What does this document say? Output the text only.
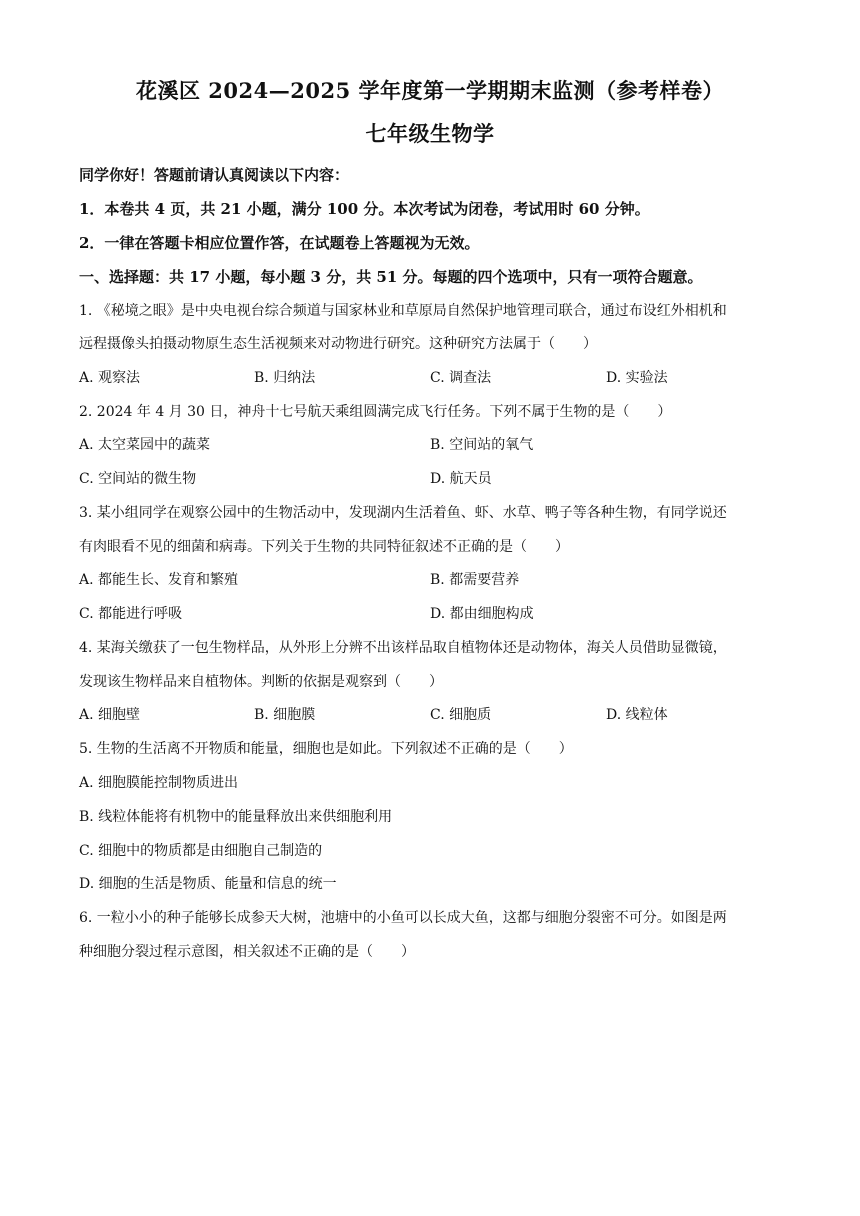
花溪区 2024—2025 学年度第一学期期末监测（参考样卷）
七年级生物学
同学你好！答题前请认真阅读以下内容：
1．本卷共 4 页，共 21 小题，满分 100 分。本次考试为闭卷，考试用时 60 分钟。
2．一律在答题卡相应位置作答，在试题卷上答题视为无效。
一、选择题：共 17 小题，每小题 3 分，共 51 分。每题的四个选项中，只有一项符合题意。
1. 《秘境之眼》是中央电视台综合频道与国家林业和草原局自然保护地管理司联合，通过布设红外相机和
远程摄像头拍摄动物原生态生活视频来对动物进行研究。这种研究方法属于（　　）
A. 观察法	B. 归纳法	C. 调查法	D. 实验法
2. 2024 年 4 月 30 日，神舟十七号航天乘组圆满完成飞行任务。下列不属于生物的是（　　）
A. 太空菜园中的蔬菜	B. 空间站的氧气
C. 空间站的微生物	D. 航天员
3. 某小组同学在观察公园中的生物活动中，发现湖内生活着鱼、虾、水草、鸭子等各种生物，有同学说还
有肉眼看不见的细菌和病毒。下列关于生物的共同特征叙述不正确的是（　　）
A. 都能生长、发育和繁殖	B. 都需要营养
C. 都能进行呼吸	D. 都由细胞构成
4. 某海关缴获了一包生物样品，从外形上分辨不出该样品取自植物体还是动物体，海关人员借助显微镜，
发现该生物样品来自植物体。判断的依据是观察到（　　）
A. 细胞壁	B. 细胞膜	C. 细胞质	D. 线粒体
5. 生物的生活离不开物质和能量，细胞也是如此。下列叙述不正确的是（　　）
A. 细胞膜能控制物质进出
B. 线粒体能将有机物中的能量释放出来供细胞利用
C. 细胞中的物质都是由细胞自己制造的
D. 细胞的生活是物质、能量和信息的统一
6. 一粒小小的种子能够长成参天大树，池塘中的小鱼可以长成大鱼，这都与细胞分裂密不可分。如图是两
种细胞分裂过程示意图，相关叙述不正确的是（　　）
